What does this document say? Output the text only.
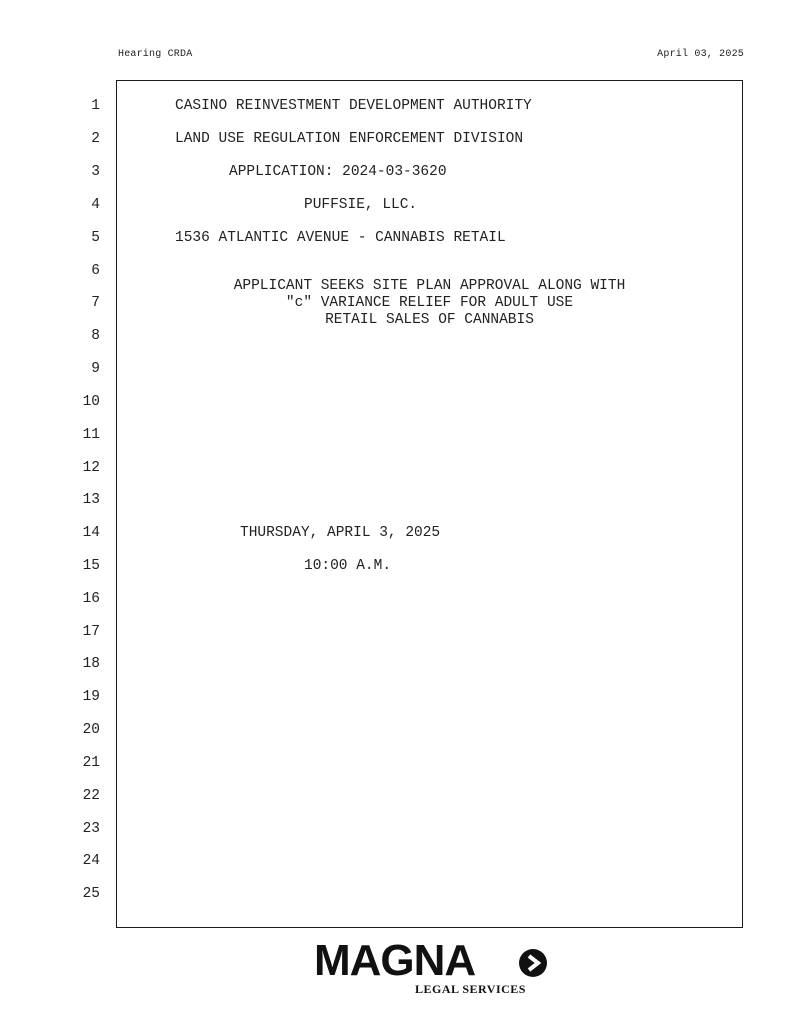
Hearing CRDA	April 03, 2025
1
2
3
4
5
6
7
8
9
10
11
12
13
14
15
16
17
18
19
20
21
22
23
24
25
CASINO REINVESTMENT DEVELOPMENT AUTHORITY
LAND USE REGULATION ENFORCEMENT DIVISION
APPLICATION: 2024-03-3620
PUFFSIE, LLC.
1536 ATLANTIC AVENUE - CANNABIS RETAIL
APPLICANT SEEKS SITE PLAN APPROVAL ALONG WITH
"c" VARIANCE RELIEF FOR ADULT USE
RETAIL SALES OF CANNABIS
THURSDAY, APRIL 3, 2025
10:00 A.M.
MAGNA
LEGAL SERVICES
